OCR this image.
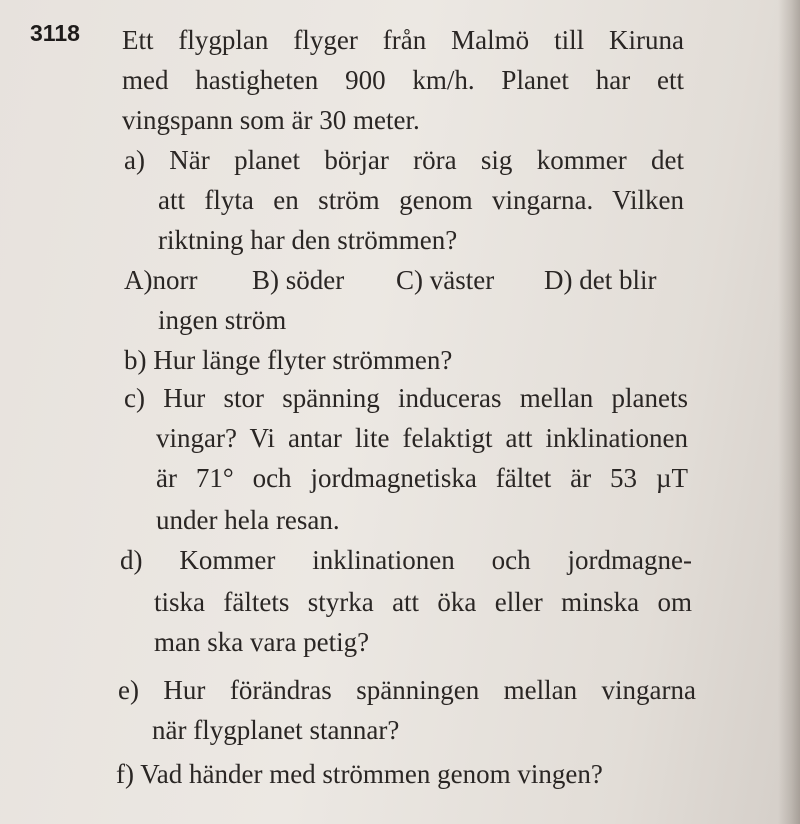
3118 Ett flygplan flyger från Malmö till Kiruna
med hastigheten 900 km/h. Planet har ett
vingspann som är 30 meter.
a) När planet börjar röra sig kommer det
att flyta en ström genom vingarna. Vilken
riktning har den strömmen?
A)norr B) söder C) väster D) det blir
ingen ström
b) Hur länge flyter strömmen?
c) Hur stor spänning induceras mellan planets
vingar? Vi antar lite felaktigt att inklinationen
är 71° och jordmagnetiska fältet är 53 µT
under hela resan.
d) Kommer inklinationen och jordmagne-
tiska fältets styrka att öka eller minska om
man ska vara petig?
e) Hur förändras spänningen mellan vingarna
när flygplanet stannar?
f) Vad händer med strömmen genom vingen?
